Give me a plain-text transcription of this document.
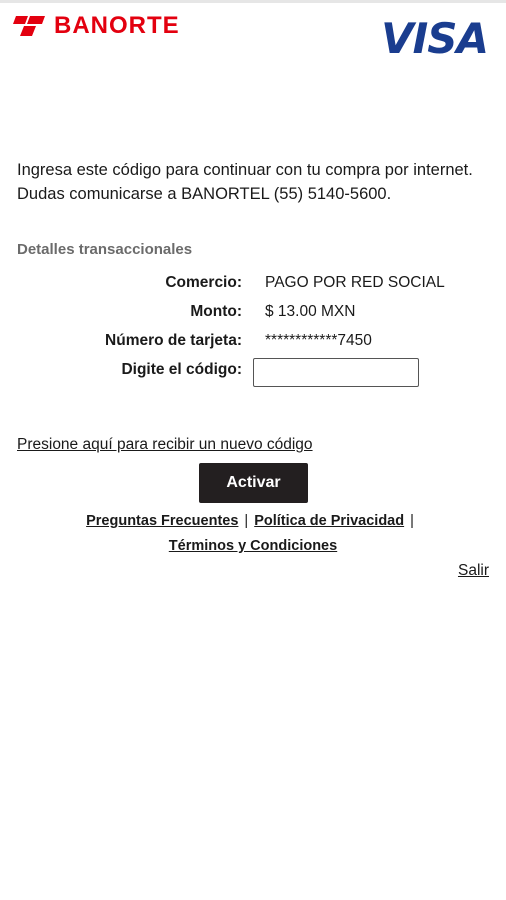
BANORTE	VISA
Ingresa este código para continuar con tu compra por internet.
Dudas comunicarse a BANORTEL (55) 5140-5600.
Detalles transaccionales
Comercio: PAGO POR RED SOCIAL
Monto: $ 13.00 MXN
Número de tarjeta: ************7450
Digite el código:
Presione aquí para recibir un nuevo código
Activar
Preguntas Frecuentes | Política de Privacidad |
Términos y Condiciones
Salir
